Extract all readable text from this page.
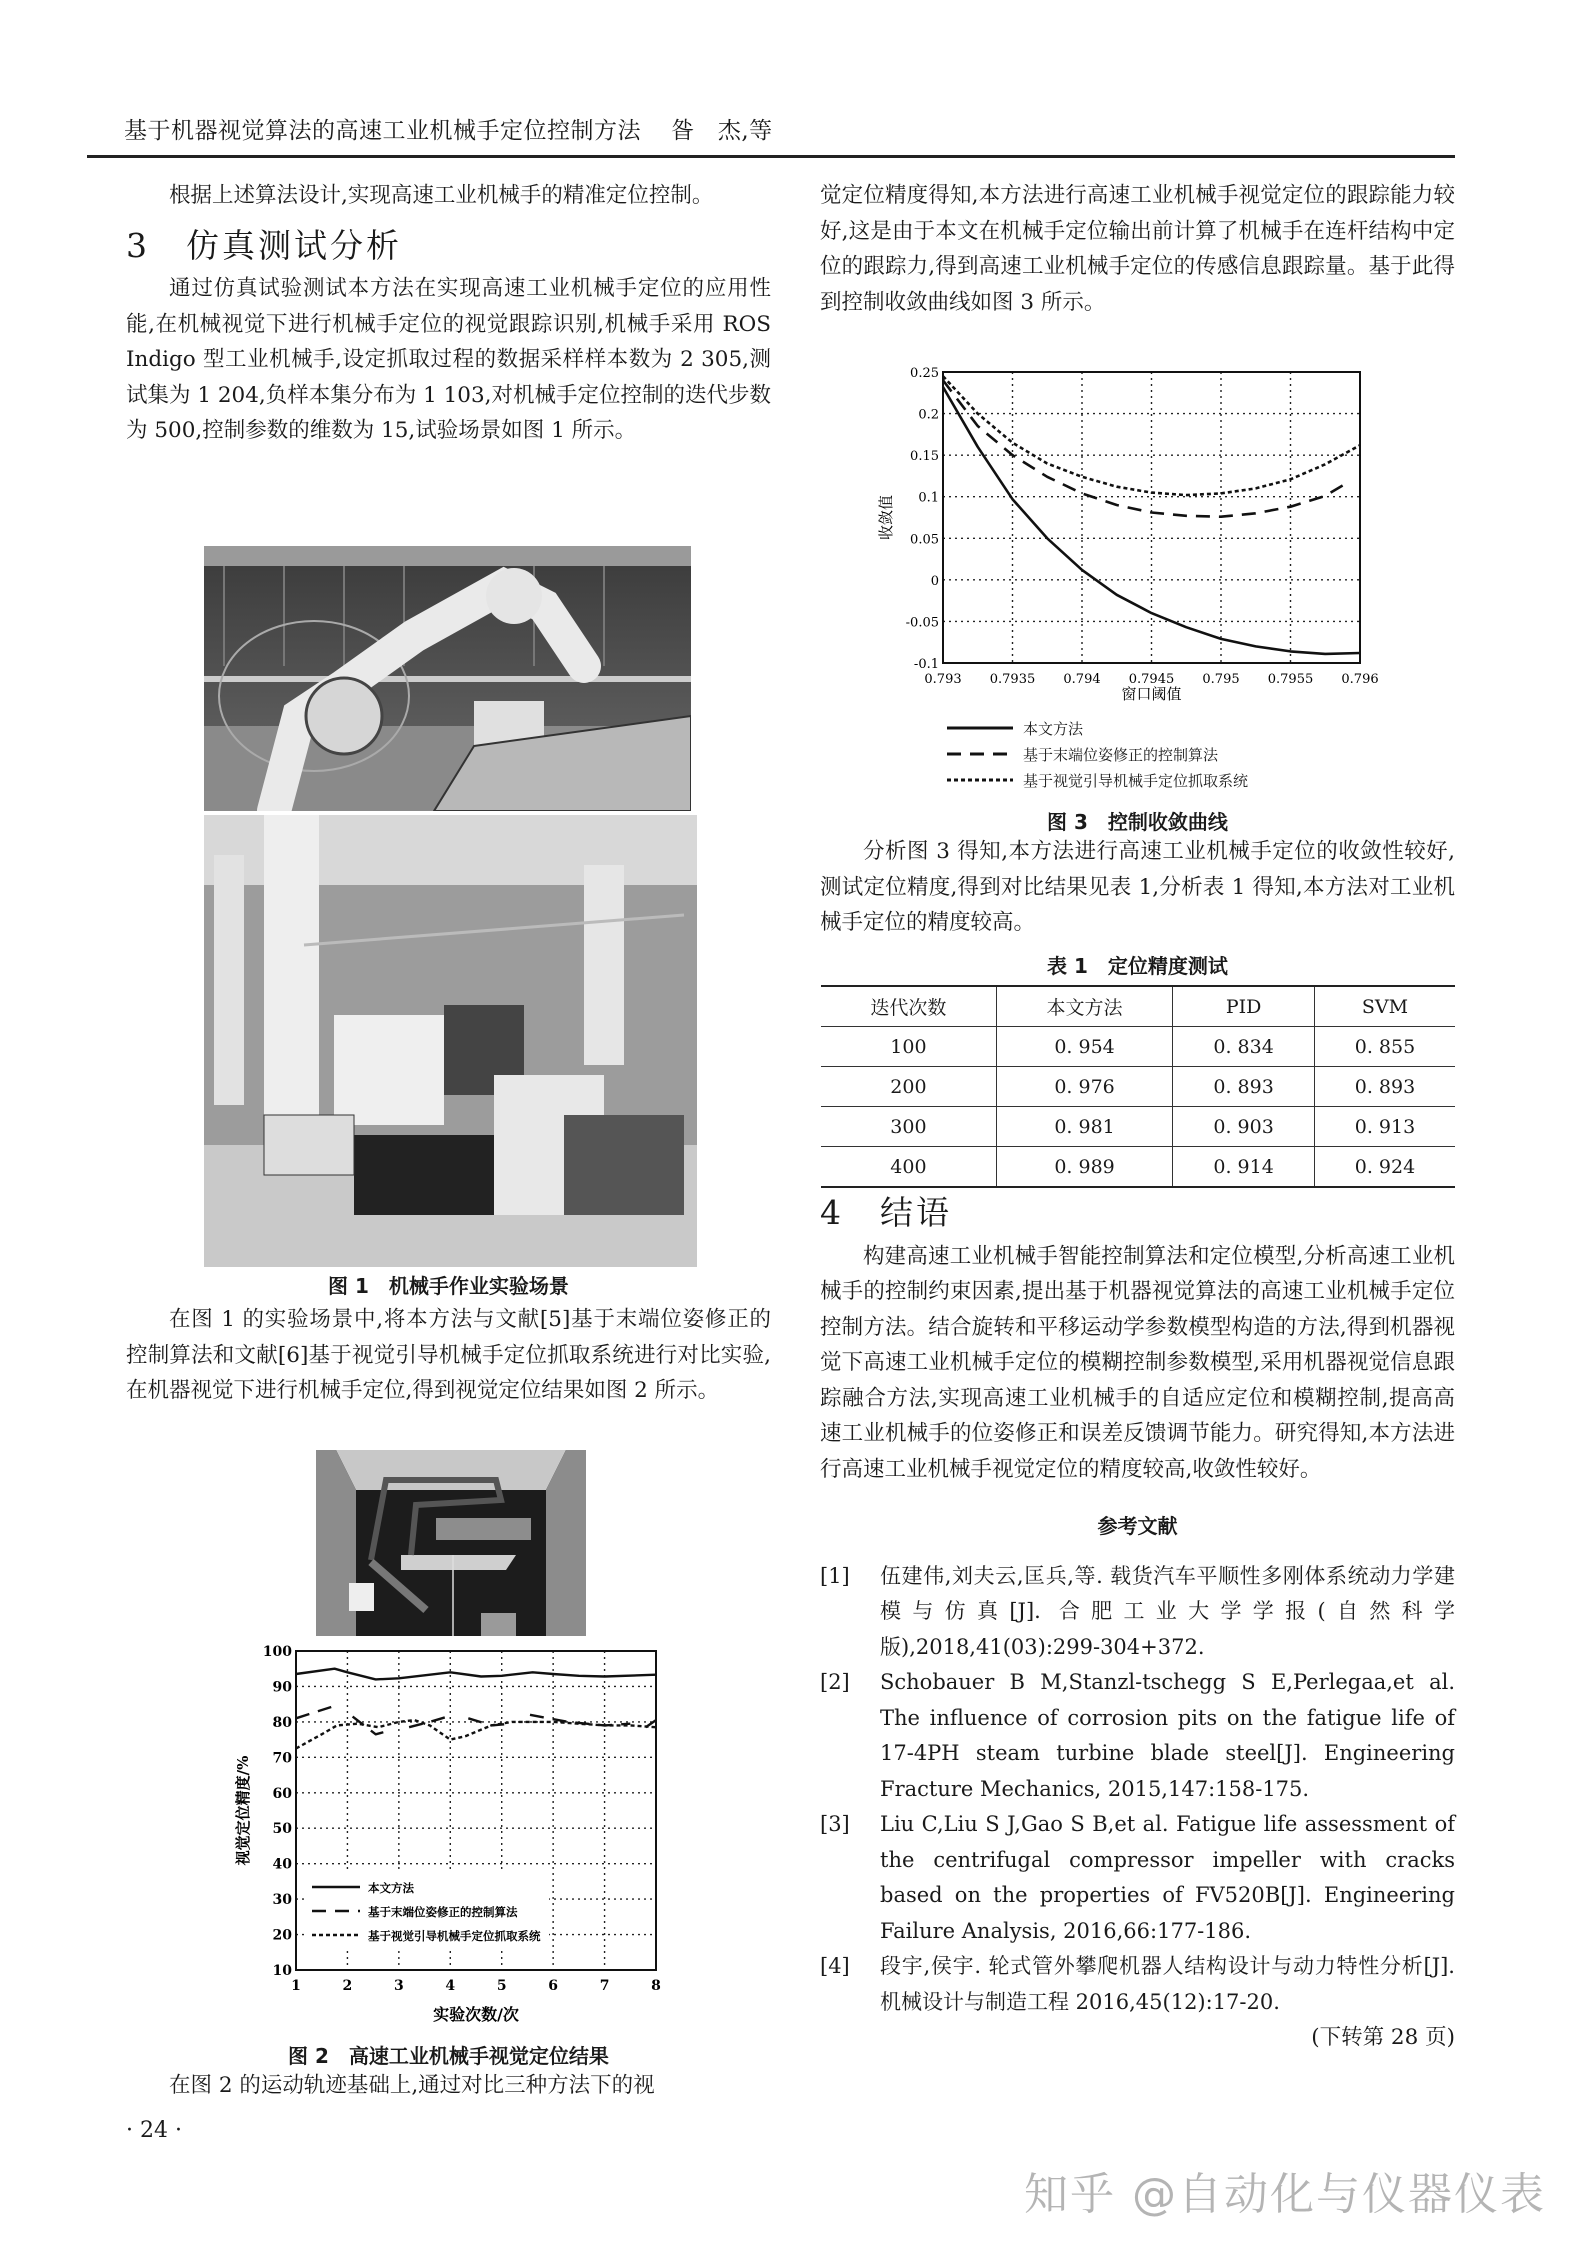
基于机器视觉算法的高速工业机械手定位控制方法 昝　杰,等

根据上述算法设计,实现高速工业机械手的精准定位控制。

3 仿真测试分析

通过仿真试验测试本方法在实现高速工业机械手定位的应用性能,在机械视觉下进行机械手定位的视觉跟踪识别,机械手采用 ROS Indigo 型工业机械手,设定抓取过程的数据采样样本数为 2 305,测试集为 1 204,负样本集分布为 1 103,对机械手定位控制的迭代步数为 500,控制参数的维数为 15,试验场景如图 1 所示。

图 1　机械手作业实验场景

在图 1 的实验场景中,将本方法与文献[5]基于末端位姿修正的控制算法和文献[6]基于视觉引导机械手定位抓取系统进行对比实验,在机器视觉下进行机械手定位,得到视觉定位结果如图 2 所示。

10
20
30
40
50
60
70
80
90
100
1	2	3	4	5	6	7	8
本文方法
基于末端位姿修正的控制算法
基于视觉引导机械手定位抓取系统
视觉定位精度/%
实验次数/次
图 2　高速工业机械手视觉定位结果

在图 2 的运动轨迹基础上,通过对比三种方法下的视

· 24 ·

觉定位精度得知,本方法进行高速工业机械手视觉定位的跟踪能力较好,这是由于本文在机械手定位输出前计算了机械手在连杆结构中定位的跟踪力,得到高速工业机械手定位的传感信息跟踪量。基于此得到控制收敛曲线如图 3 所示。

-0.1
-0.05
0
0.05
0.1
0.15
0.2
0.25
0.793 0.7935 0.794 0.7945 0.795 0.7955 0.796
收敛值
窗口阈值
本文方法
基于末端位姿修正的控制算法
基于视觉引导机械手定位抓取系统
图 3　控制收敛曲线

分析图 3 得知,本方法进行高速工业机械手定位的收敛性较好,测试定位精度,得到对比结果见表 1,分析表 1 得知,本方法对工业机械手定位的精度较高。

表 1　定位精度测试
迭代次数	本文方法	PID	SVM
100	0. 954	0. 834	0. 855
200	0. 976	0. 893	0. 893
300	0. 981	0. 903	0. 913
400	0. 989	0. 914	0. 924
4 结语

构建高速工业机械手智能控制算法和定位模型,分析高速工业机械手的控制约束因素,提出基于机器视觉算法的高速工业机械手定位控制方法。结合旋转和平移运动学参数模型构造的方法,得到机器视觉下高速工业机械手定位的模糊控制参数模型,采用机器视觉信息跟踪融合方法,实现高速工业机械手的自适应定位和模糊控制,提高高速工业机械手的位姿修正和误差反馈调节能力。研究得知,本方法进行高速工业机械手视觉定位的精度较高,收敛性较好。

参考文献
[1]	伍建伟,刘夫云,匡兵,等. 载货汽车平顺性多刚体系统动力学建模与仿真[J]. 合肥工业大学学报(自然科学版),2018,41(03):299-304+372.
[2]	Schobauer B M,Stanzl-tschegg S E,Perlegaa,et al. The influence of corrosion pits on the fatigue life of 17-4PH steam turbine blade steel[J]. Engineering Fracture Mechanics, 2015,147:158-175.
[3]	Liu C,Liu S J,Gao S B,et al. Fatigue life assessment of the centrifugal compressor impeller with cracks based on the properties of FV520B[J]. Engineering Failure Analysis, 2016,66:177-186.
[4]	段宇,侯宇. 轮式管外攀爬机器人结构设计与动力特性分析[J]. 机械设计与制造工程 2016,45(12):17-20.
(下转第 28 页)
知乎 @自动化与仪器仪表
